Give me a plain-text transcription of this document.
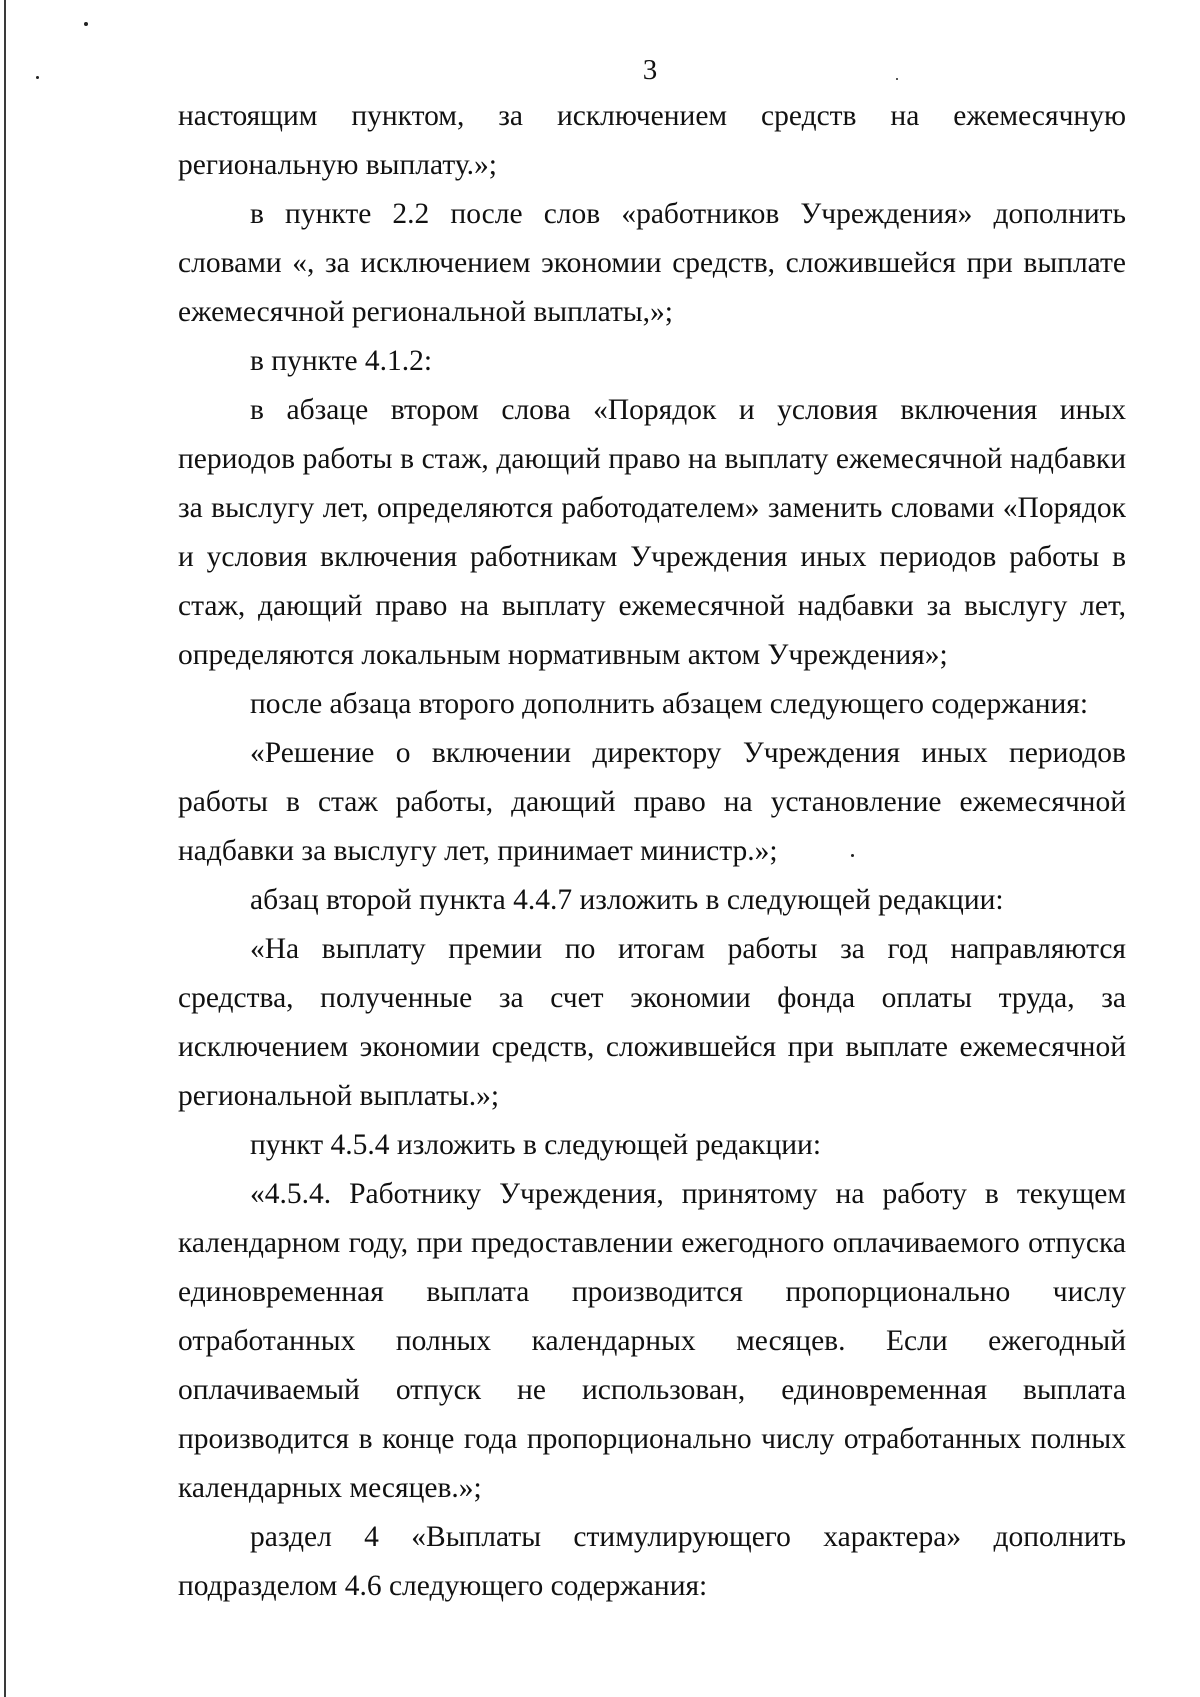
3

настоящим пунктом, за исключением средств на ежемесячную региональную выплату.»;

в пункте 2.2 после слов «работников Учреждения» дополнить словами «, за исключением экономии средств, сложившейся при выплате ежемесячной региональной выплаты,»;

в пункте 4.1.2:

в абзаце втором слова «Порядок и условия включения иных периодов работы в стаж, дающий право на выплату ежемесячной надбавки за выслугу лет, определяются работодателем» заменить словами «Порядок и условия включения работникам Учреждения иных периодов работы в стаж, дающий право на выплату ежемесячной надбавки за выслугу лет, определяются локальным нормативным актом Учреждения»;

после абзаца второго дополнить абзацем следующего содержания:

«Решение о включении директору Учреждения иных периодов работы в стаж работы, дающий право на установление ежемесячной надбавки за выслугу лет, принимает министр.»;

абзац второй пункта 4.4.7 изложить в следующей редакции:

«На выплату премии по итогам работы за год направляются средства, полученные за счет экономии фонда оплаты труда, за исключением экономии средств, сложившейся при выплате ежемесячной региональной выплаты.»;

пункт 4.5.4 изложить в следующей редакции:

«4.5.4. Работнику Учреждения, принятому на работу в текущем календарном году, при предоставлении ежегодного оплачиваемого отпуска единовременная выплата производится пропорционально числу отработанных полных календарных месяцев. Если ежегодный оплачиваемый отпуск не использован, единовременная выплата производится в конце года пропорционально числу отработанных полных календарных месяцев.»;

раздел 4 «Выплаты стимулирующего характера» дополнить подразделом 4.6 следующего содержания:
